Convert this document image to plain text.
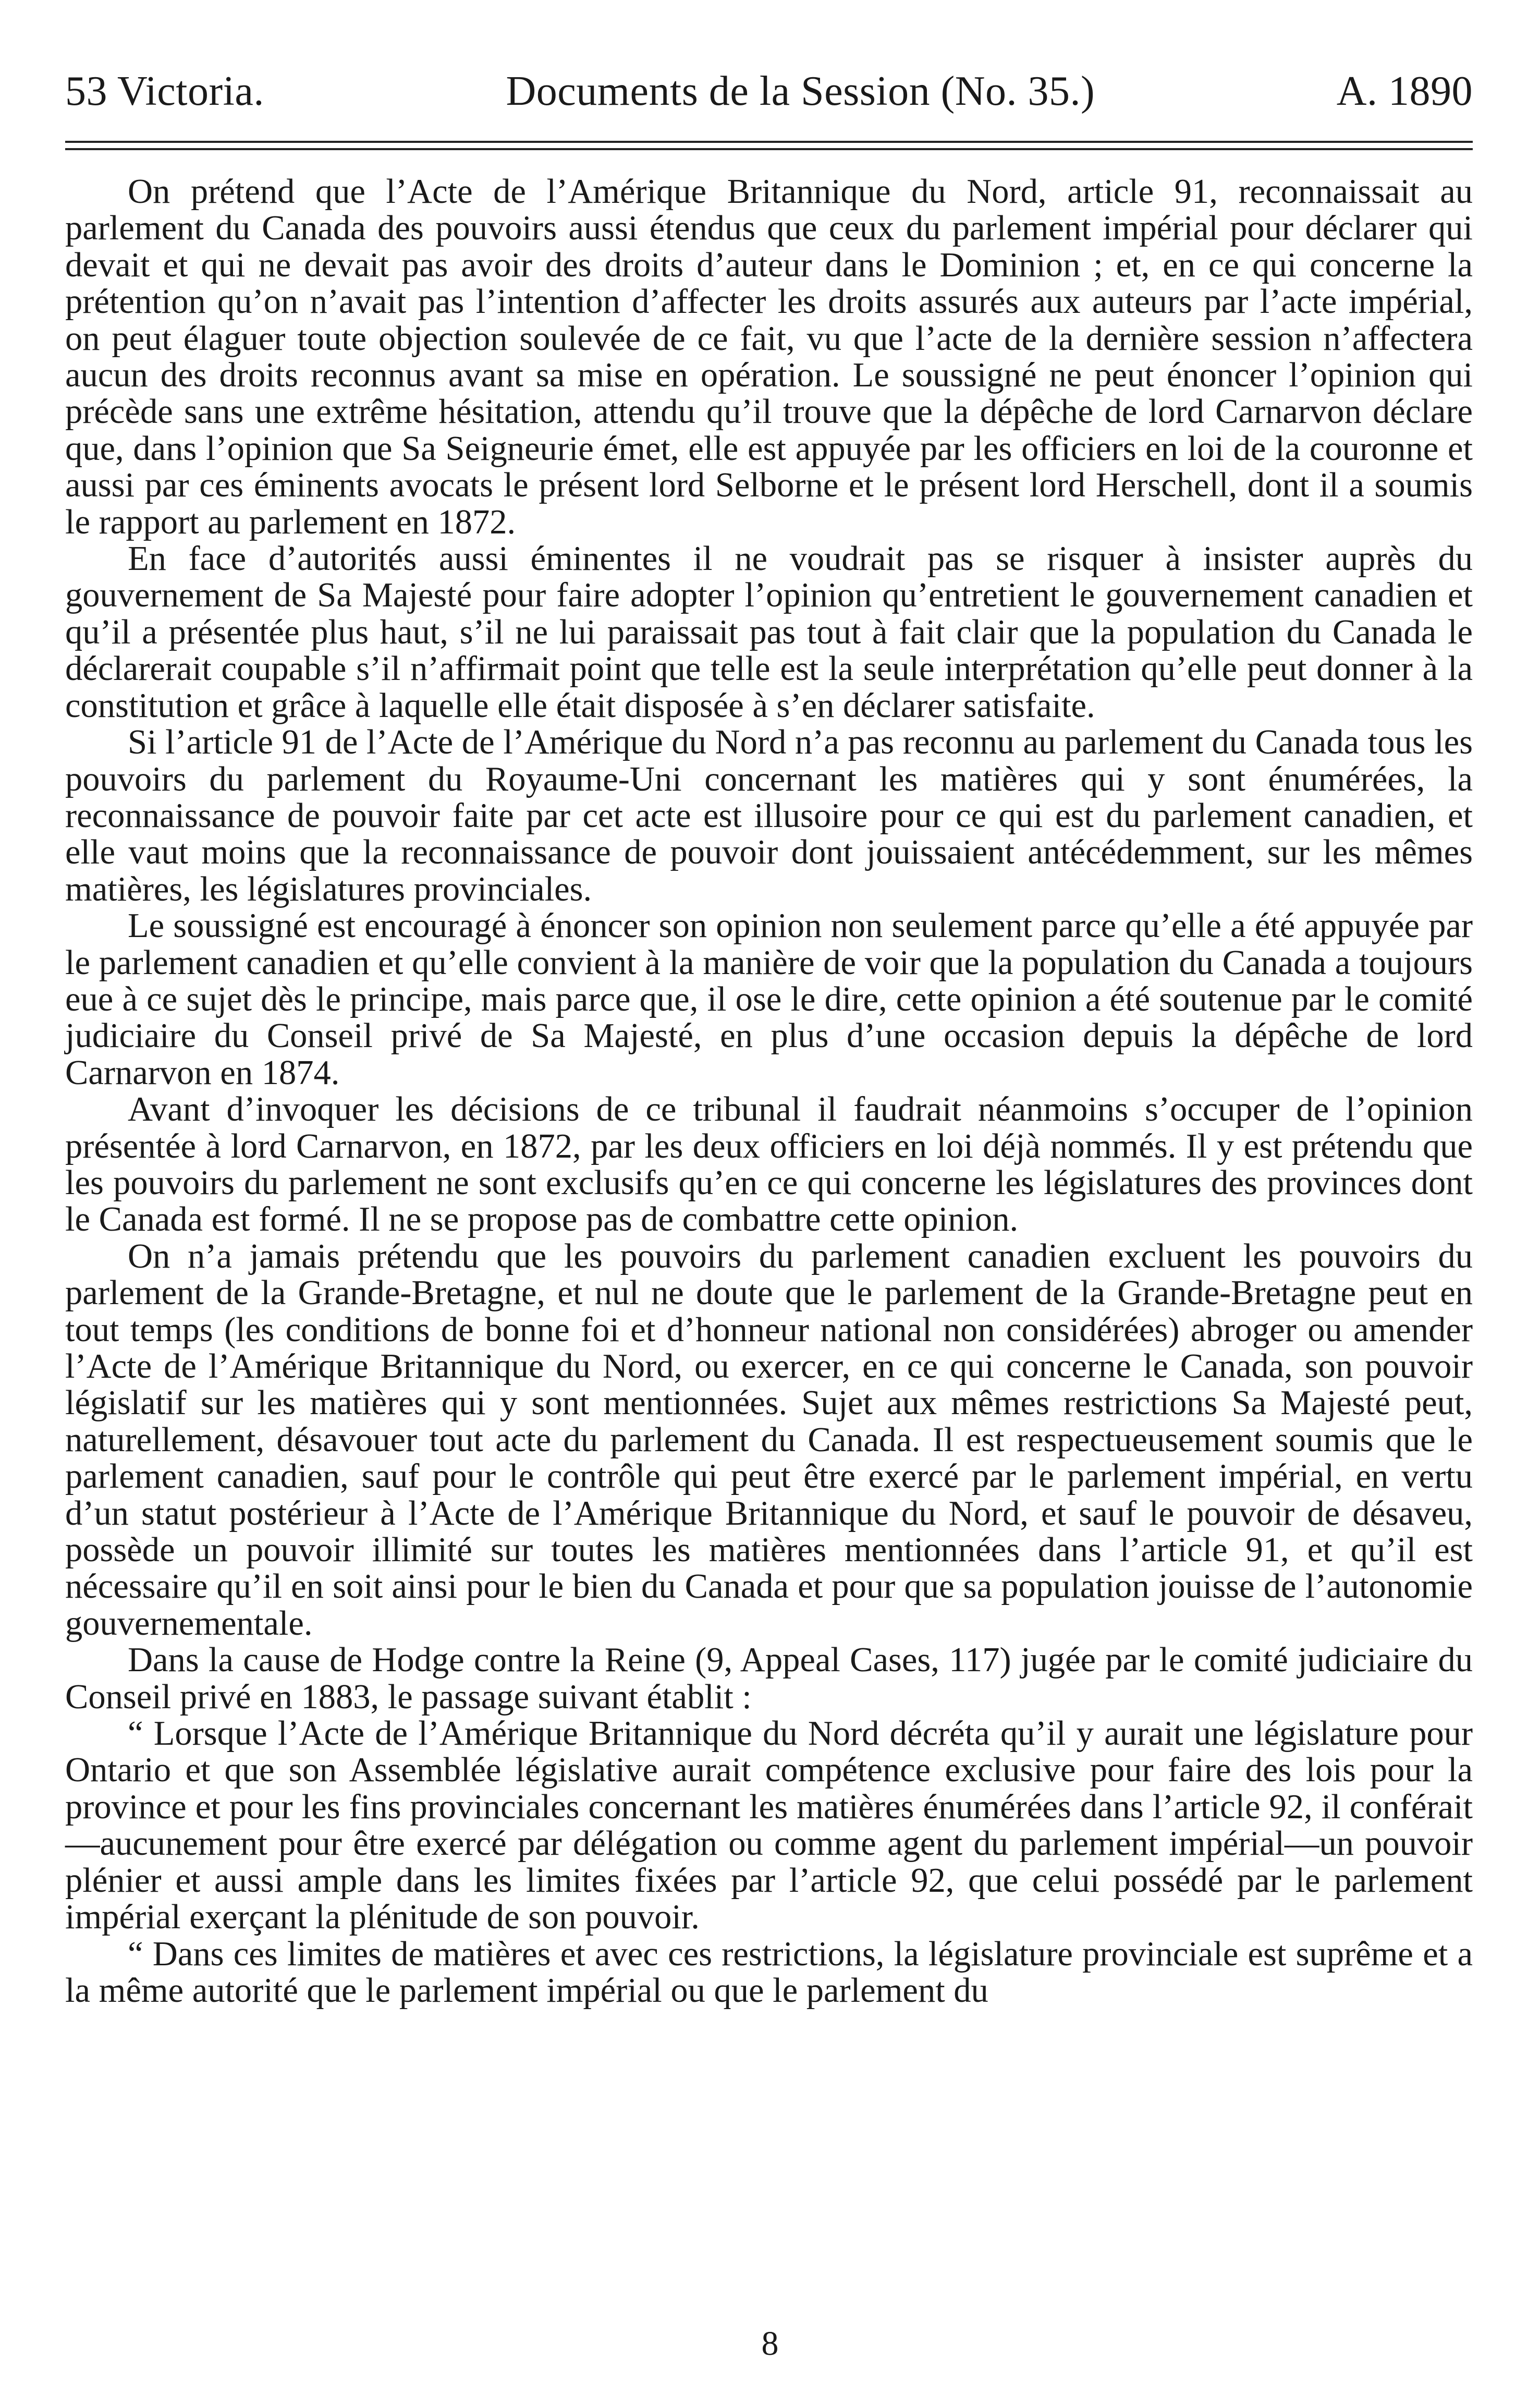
53 Victoria.	Documents de la Session (No. 35.)	A. 1890

On prétend que l’Acte de l’Amérique Britannique du Nord, article 91, reconnaissait au parlement du Canada des pouvoirs aussi étendus que ceux du parlement impérial pour déclarer qui devait et qui ne devait pas avoir des droits d’auteur dans le Dominion ; et, en ce qui concerne la prétention qu’on n’avait pas l’intention d’affecter les droits assurés aux auteurs par l’acte impérial, on peut élaguer toute objection soulevée de ce fait, vu que l’acte de la dernière session n’affectera aucun des droits reconnus avant sa mise en opération. Le soussigné ne peut énoncer l’opinion qui précède sans une extrême hésitation, attendu qu’il trouve que la dépêche de lord Carnarvon déclare que, dans l’opinion que Sa Seigneurie émet, elle est appuyée par les officiers en loi de la couronne et aussi par ces éminents avocats le présent lord Selborne et le présent lord Herschell, dont il a soumis le rapport au parlement en 1872.

En face d’autorités aussi éminentes il ne voudrait pas se risquer à insister auprès du gouvernement de Sa Majesté pour faire adopter l’opinion qu’entretient le gouvernement canadien et qu’il a présentée plus haut, s’il ne lui paraissait pas tout à fait clair que la population du Canada le déclarerait coupable s’il n’affirmait point que telle est la seule interprétation qu’elle peut donner à la constitution et grâce à laquelle elle était disposée à s’en déclarer satisfaite.

Si l’article 91 de l’Acte de l’Amérique du Nord n’a pas reconnu au parlement du Canada tous les pouvoirs du parlement du Royaume-Uni concernant les matières qui y sont énumérées, la reconnaissance de pouvoir faite par cet acte est illusoire pour ce qui est du parlement canadien, et elle vaut moins que la reconnaissance de pouvoir dont jouissaient antécédemment, sur les mêmes matières, les législatures provinciales.

Le soussigné est encouragé à énoncer son opinion non seulement parce qu’elle a été appuyée par le parlement canadien et qu’elle convient à la manière de voir que la population du Canada a toujours eue à ce sujet dès le principe, mais parce que, il ose le dire, cette opinion a été soutenue par le comité judiciaire du Conseil privé de Sa Majesté, en plus d’une occasion depuis la dépêche de lord Carnarvon en 1874.

Avant d’invoquer les décisions de ce tribunal il faudrait néanmoins s’occuper de l’opinion présentée à lord Carnarvon, en 1872, par les deux officiers en loi déjà nommés. Il y est prétendu que les pouvoirs du parlement ne sont exclusifs qu’en ce qui concerne les législatures des provinces dont le Canada est formé. Il ne se propose pas de combattre cette opinion.

On n’a jamais prétendu que les pouvoirs du parlement canadien excluent les pouvoirs du parlement de la Grande-Bretagne, et nul ne doute que le parlement de la Grande-Bretagne peut en tout temps (les conditions de bonne foi et d’honneur national non considérées) abroger ou amender l’Acte de l’Amérique Britannique du Nord, ou exercer, en ce qui concerne le Canada, son pouvoir législatif sur les matières qui y sont mentionnées. Sujet aux mêmes restrictions Sa Majesté peut, naturellement, désavouer tout acte du parlement du Canada. Il est respectueusement soumis que le parlement canadien, sauf pour le contrôle qui peut être exercé par le parlement impérial, en vertu d’un statut postérieur à l’Acte de l’Amérique Britannique du Nord, et sauf le pouvoir de désaveu, possède un pouvoir illimité sur toutes les matières mentionnées dans l’article 91, et qu’il est nécessaire qu’il en soit ainsi pour le bien du Canada et pour que sa population jouisse de l’autonomie gouvernementale.

Dans la cause de Hodge contre la Reine (9, Appeal Cases, 117) jugée par le comité judiciaire du Conseil privé en 1883, le passage suivant établit :

“ Lorsque l’Acte de l’Amérique Britannique du Nord décréta qu’il y aurait une législature pour Ontario et que son Assemblée législative aurait compétence exclusive pour faire des lois pour la province et pour les fins provinciales concernant les matières énumérées dans l’article 92, il conférait—aucunement pour être exercé par délégation ou comme agent du parlement impérial—un pouvoir plénier et aussi ample dans les limites fixées par l’article 92, que celui possédé par le parlement impérial exerçant la plénitude de son pouvoir.

“ Dans ces limites de matières et avec ces restrictions, la législature provinciale est suprême et a la même autorité que le parlement impérial ou que le parlement du

8
